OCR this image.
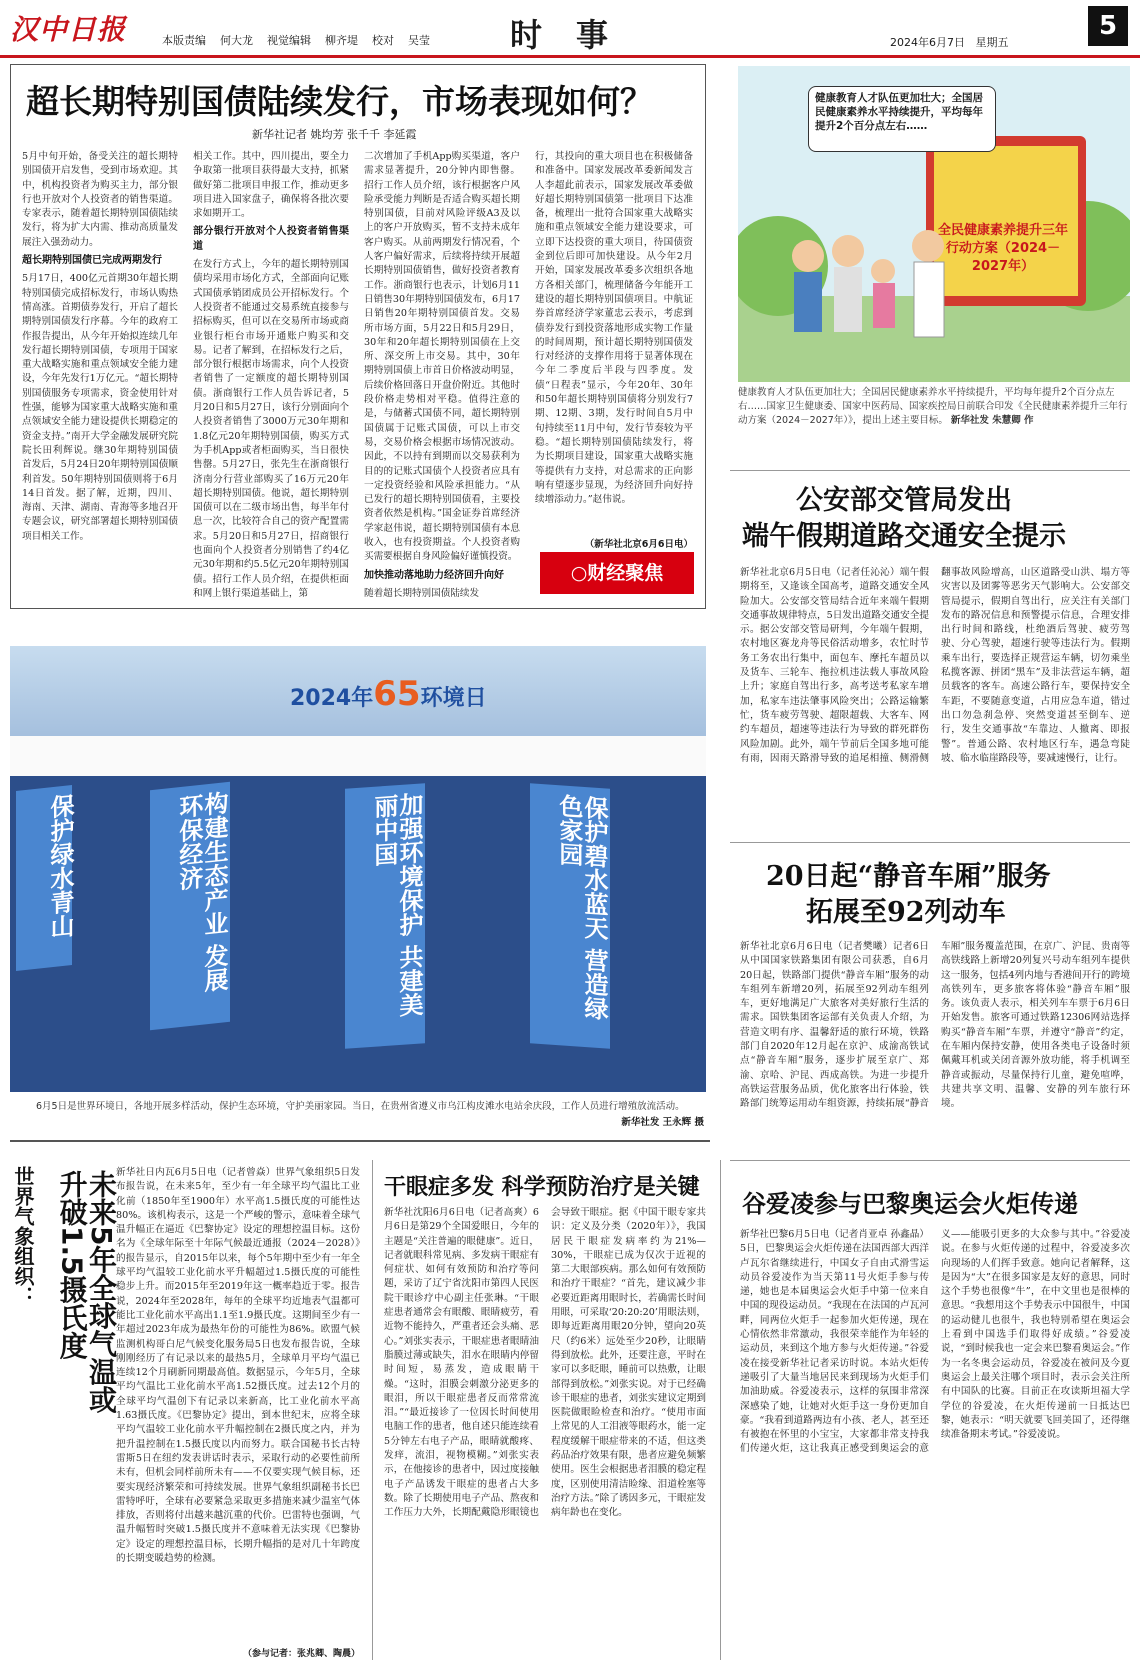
汉中日报	本版责编 何大龙 视觉编辑 柳齐堤 校对 吴莹	时事	2024年6月7日 星期五
5
超长期特别国债陆续发行，市场表现如何？
新华社记者 姚均芳 张千千 李延霞

5月中旬开始，备受关注的超长期特别国债开启发售，受到市场欢迎。其中，机构投资者为购买主力，部分银行也开放对个人投资者的销售渠道。专家表示，随着超长期特别国债陆续发行，将为扩大内需、推动高质量发展注入强劲动力。

超长期特别国债已完成两期发行

5月17日，400亿元首期30年超长期特别国债完成招标发行，市场认购热情高涨。首期债券发行，开启了超长期特别国债发行序幕。今年的政府工作报告提出，从今年开始拟连续几年发行超长期特别国债，专项用于国家重大战略实施和重点领域安全能力建设，今年先发行1万亿元。“超长期特别国债服务专项需求，资金使用针对性强，能够为国家重大战略实施和重点领域安全能力建设提供长期稳定的资金支持。”南开大学金融发展研究院院长田利辉说。继30年期特别国债首发后，5月24日20年期特别国债顺利首发。50年期特别国债则将于6月14日首发。据了解，近期，四川、海南、天津、湖南、青海等多地召开专题会议，研究部署超长期特别国债项目相关工作。

相关工作。其中，四川提出，要全力争取第一批项目获得最大支持，抓紧做好第二批项目申报工作，推动更多项目进入国家盘子，确保将各批次要求如期开工。

部分银行开放对个人投资者销售渠道

在发行方式上，今年的超长期特别国债均采用市场化方式，全部面向记账式国债承销团成员公开招标发行。个人投资者不能通过交易系统直接参与招标购买，但可以在交易所市场或商业银行柜台市场开通账户购买和交易。记者了解到，在招标发行之后，部分银行根据市场需求，向个人投资者销售了一定额度的超长期特别国债。浙商银行工作人员告诉记者，5月20日和5月27日，该行分别面向个人投资者销售了3000万元30年期和1.8亿元20年期特别国债，购买方式为手机App或者柜面购买，当日很快售罄。5月27日，张先生在浙商银行济南分行营业部购买了16万元20年超长期特别国债。他说，超长期特别国债可以在二级市场出售，每半年付息一次，比较符合自己的资产配置需求。5月20日和5月27日，招商银行也面向个人投资者分别销售了约4亿元30年期和约5.5亿元20年期特别国债。招行工作人员介绍，在提供柜面和网上银行渠道基础上，第

二次增加了手机App购买渠道，客户需求显著提升，20分钟内即售罄。招行工作人员介绍，该行根据客户风险承受能力判断是否适合购买超长期特别国债，目前对风险评级A3及以上的客户开放购买，暂不支持未成年客户购买。从前两期发行情况看，个人客户偏好需求，后续将持续开展超长期特别国债销售，做好投资者教育工作。浙商银行也表示，计划6月11日销售30年期特别国债发布，6月17日销售20年期特别国债首发。交易所市场方面，5月22日和5月29日，30年和20年超长期特别国债在上交所、深交所上市交易。其中，30年期特别国债上市首日价格波动明显，后续价格回落日开盘价附近。其他时段价格走势相对平稳。值得注意的是，与储蓄式国债不同，超长期特别国债属于记账式国债，可以上市交易，交易价格会根据市场情况波动。因此，不以持有到期而以交易获利为目的的记账式国债个人投资者应具有一定投资经验和风险承担能力。“从已发行的超长期特别国债看，主要投资者依然是机构。”国金证券首席经济学家赵伟说，超长期特别国债有本息收入，也有投资期益。个人投资者购买需要根据自身风险偏好谨慎投资。

加快推动落地助力经济回升向好

随着超长期特别国债陆续发

行，其投向的重大项目也在积极储备和准备中。国家发展改革委新闻发言人李超此前表示，国家发展改革委做好超长期特别国债第一批项目下达准备，梳理出一批符合国家重大战略实施和重点领域安全能力建设要求，可立即下达投资的重大项目，待国债资金到位后即可加快建设。从今年2月开始，国家发展改革委多次组织各地方各相关部门，梳理储备今年能开工建设的超长期特别国债项目。中航证券首席经济学家董忠云表示，考虑到债券发行到投资落地形成实物工作量的时间周期，预计超长期特别国债发行对经济的支撑作用将于显著体现在今年二季度后半段与四季度。发债“日程表”显示，今年20年、30年和50年超长期特别国债将分别发行7期、12期、3期，发行时间自5月中旬持续至11月中旬，发行节奏较为平稳。“超长期特别国债陆续发行，将为长期项目建设，国家重大战略实施等提供有力支持，对总需求的正向影响有望逐步显现，为经济回升向好持续增添动力。”赵伟说。

（新华社北京6月6日电）
○财经聚焦
健康教育人才队伍更加壮大；全国居民健康素养水平持续提升，平均每年提升2个百分点左右……
全民健康素养提升三年行动方案（2024－2027年）
健康教育人才队伍更加壮大；全国居民健康素养水平持续提升，平均每年提升2个百分点左右……国家卫生健康委、国家中医药局、国家疾控局日前联合印发《全民健康素养提升三年行动方案（2024－2027年）》，提出上述主要目标。 新华社发 朱慧卿 作
公安部交管局发出
端午假期道路交通安全提示
新华社北京6月5日电（记者任沁沁）端午假期将至，又逢该全国高考，道路交通安全风险加大。公安部交管局结合近年来端午假期交通事故规律特点，5日发出道路交通安全提示。据公安部交管局研判，今年端午假期，农村地区赛龙舟等民俗活动增多，农忙时节务工务农出行集中，面包车、摩托车超员以及货车、三轮车、拖拉机违法载人事故风险上升；家庭自驾出行多，高考送考私家车增加，私家车违法肇事风险突出；公路运输繁忙，货车疲劳驾驶、超限超载、大客车、网约车超员，超速等违法行为导致的群死群伤风险加剧。此外，端午节前后全国多地可能有雨，因雨天路滑导致的追尾相撞、侧滑侧翻事故风险增高，山区道路受山洪、塌方等灾害以及团雾等恶劣天气影响大。公安部交管局提示，假期自驾出行，应关注有关部门发布的路况信息和预警提示信息，合理安排出行时间和路线，杜绝酒后驾驶、疲劳驾驶、分心驾驶，超速行驶等违法行为。假期乘车出行，要选择正规营运车辆，切勿乘坐私揽客源、拼团“黑车”及非法营运车辆，超员载客的客车。高速公路行车，要保持安全车距，不要随意变道，占用应急车道，错过出口勿急刹急停、突然变道甚至倒车、逆行，发生交通事故“车靠边、人撤离、即报警”。普通公路、农村地区行车，遇急弯陡坡、临水临崖路段等，要减速慢行，让行。
2024年65环境日
保护绿水青山	构建生态产业 发展环保经济	加强环境保护 共建美丽中国	保护碧水蓝天 营造绿色家园
6月5日是世界环境日，各地开展多样活动，保护生态环境，守护美丽家园。当日，在贵州省遵义市乌江构皮滩水电站余庆段，工作人员进行增殖放流活动。
新华社发 王永辉 摄
20日起“静音车厢”服务
拓展至92列动车
新华社北京6月6日电（记者樊曦）记者6日从中国国家铁路集团有限公司获悉，自6月20日起，铁路部门提供“静音车厢”服务的动车组列车新增20列，拓展至92列动车组列车，更好地满足广大旅客对美好旅行生活的需求。国铁集团客运部有关负责人介绍，为营造文明有序、温馨舒适的旅行环境，铁路部门自2020年12月起在京沪、成渝高铁试点“静音车厢”服务，逐步扩展至京广、郑渝、京哈、沪昆、西成高铁。为进一步提升高铁运营服务品质，优化旅客出行体验，铁路部门统筹运用动车组资源，持续拓展“静音车厢”服务覆盖范围，在京广、沪昆、贵南等高铁线路上新增20列复兴号动车组列车提供这一服务，包括4列内地与香港间开行的跨境高铁列车，更多旅客将体验“静音车厢”服务。该负责人表示，相关列车车票于6月6日开始发售。旅客可通过铁路12306网站选择购买“静音车厢”车票，并遵守“静音”约定，在车厢内保持安静，使用各类电子设备时须佩戴耳机或关闭音源外放功能，将手机调至静音或振动，尽量保持行儿童，避免喧哗，共建共享文明、温馨、安静的列车旅行环境。
世界气象组织：	未来5年全球气温或升破1.5摄氏度	新华社日内瓦6月5日电（记者曾焱）世界气象组织5日发布报告说，在未来5年，至少有一年全球平均气温比工业化前（1850年至1900年）水平高1.5摄氏度的可能性达80%。该机构表示，这是一个严峻的警示，意味着全球气温升幅正在逼近《巴黎协定》设定的理想控温目标。这份名为《全球年际至十年际气候最近通报（2024－2028）》的报告显示，自2015年以来，每个5年期中至少有一年全球平均气温较工业化前水平升幅超过1.5摄氏度的可能性稳步上升。而2015年至2019年这一概率趋近于零。报告说，2024年至2028年，每年的全球平均近地表气温都可能比工业化前水平高出1.1至1.9摄氏度。这期间至少有一年超过2023年成为最热年份的可能性为86%。欧盟气候监测机构哥白尼气候变化服务局5日也发布报告说，全球刚刚经历了有记录以来的最热5月，全球单月平均气温已连续12个月刷新同期最高值。数据显示，今年5月，全球平均气温比工业化前水平高1.52摄氏度。过去12个月的全球平均气温创下有记录以来新高，比工业化前水平高1.63摄氏度。《巴黎协定》提出，到本世纪末，应将全球平均气温较工业化前水平升幅控制在2摄氏度之内，并为把升温控制在1.5摄氏度以内而努力。联合国秘书长古特雷斯5日在纽约发表讲话时表示，采取行动的必要性前所未有，但机会同样前所未有——不仅要实现气候目标，还要实现经济繁荣和可持续发展。世界气象组织副秘书长巴雷特呼吁，全球有必要紧急采取更多措施来减少温室气体排放，否则将付出越来越沉重的代价。巴雷特也强调，气温升幅暂时突破1.5摄氏度并不意味着无法实现《巴黎协定》设定的理想控温目标，长期升幅指的是对几十年跨度的长期变暖趋势的检测。

（参与记者：张兆卿、陶晨）
干眼症多发 科学预防治疗是关键
新华社沈阳6月6日电（记者高爽）6月6日是第29个全国爱眼日，今年的主题是“关注普遍的眼健康”。近日，记者就眼科常见病、多发病干眼症有何症状、如何有效预防和治疗等问题，采访了辽宁省沈阳市第四人民医院干眼诊疗中心副主任张琳。“干眼症患者通常会有眼酸、眼睛疲劳，看近物不能持久，严重者还会头痛、恶心。”刘张实表示，干眼症患者眼睛油脂膜过薄或缺失，泪水在眼睛内停留时间短，易蒸发，造成眼睛干燥。“这时，泪膜会刺激分泌更多的眼泪，所以干眼症患者反而常常流泪。”“最近接诊了一位因长时间使用电脑工作的患者，他自述只能连续看5分钟左右电子产品，眼睛就酸疼、发痒，流泪，视物模糊。”刘张实表示，在他接诊的患者中，因过度接触电子产品诱发干眼症的患者占大多数。除了长期使用电子产品、熬夜和工作压力大外，长期配戴隐形眼镜也会导致干眼症。据《中国干眼专家共识：定义及分类（2020年）》，我国居民干眼症发病率约为21%—30%，干眼症已成为仅次于近视的第二大眼部疾病。那么如何有效预防和治疗干眼症？“首先，建议减少非必要近距离用眼时长，若确需长时间用眼，可采取‘20:20:20’用眼法则，即每近距离用眼20分钟，望向20英尺（约6米）远处至少20秒，让眼睛得到放松。此外，还要注意，平时在家可以多眨眼，睡前可以热敷，让眼部得到放松。”刘张实说。对于已经确诊干眼症的患者，刘张实建议定期到医院做眼睑检查和治疗。“使用市面上常见的人工泪液等眼药水，能一定程度缓解干眼症带来的不适，但这类药品治疗效果有限，患者应避免频繁使用。医生会根据患者泪膜的稳定程度，区别使用清洁睑缘、泪道栓塞等治疗方法。”除了诱因多元，干眼症发病年龄也在变化。
谷爱凌参与巴黎奥运会火炬传递
新华社巴黎6月5日电（记者肖亚卓 孙鑫晶）5日，巴黎奥运会火炬传递在法国西部大西洋卢瓦尔省继续进行，中国女子自由式滑雪运动员谷爱凌作为当天第11号火炬手参与传递，她也是本届奥运会火炬手中第一位来自中国的现役运动员。“我现在在法国的卢瓦河畔，同两位火炬手一起参加火炬传递，现在心情依然非常激动，我很荣幸能作为年轻的运动员，来到这个地方参与火炬传递。”谷爱凌在接受新华社记者采访时说。本站火炬传递吸引了大量当地居民来到现场为火炬手们加油助威。谷爱凌表示，这样的氛围非常深深感染了她，让她对火炬手这一身份更加自豪。“我看到道路两边有小孩、老人，甚至还有被抱在怀里的小宝宝，大家都非常支持我们传递火炬，这让我真正感受到奥运会的意义——能吸引更多的大众参与其中。”谷爱凌说。在参与火炬传递的过程中，谷爱凌多次向现场的人们挥手致意。她向记者解释，这是因为“大”在很多国家是友好的意思，同时这个手势也很像“牛”，在中文里也是很棒的意思。“我想用这个手势表示中国很牛，中国的运动健儿也很牛，我也特别希望在奥运会上看到中国选手们取得好成绩。”谷爱凌说，“到时候我也一定会来巴黎看奥运会。”作为一名冬奥会运动员，谷爱凌在被问及今夏奥运会上最关注哪个项目时，表示会关注所有中国队的比赛。目前正在攻读斯坦福大学学位的谷爱凌，在火炬传递前一日抵达巴黎，她表示：“明天就要飞回美国了，还得继续准备期末考试。”谷爱凌说。
